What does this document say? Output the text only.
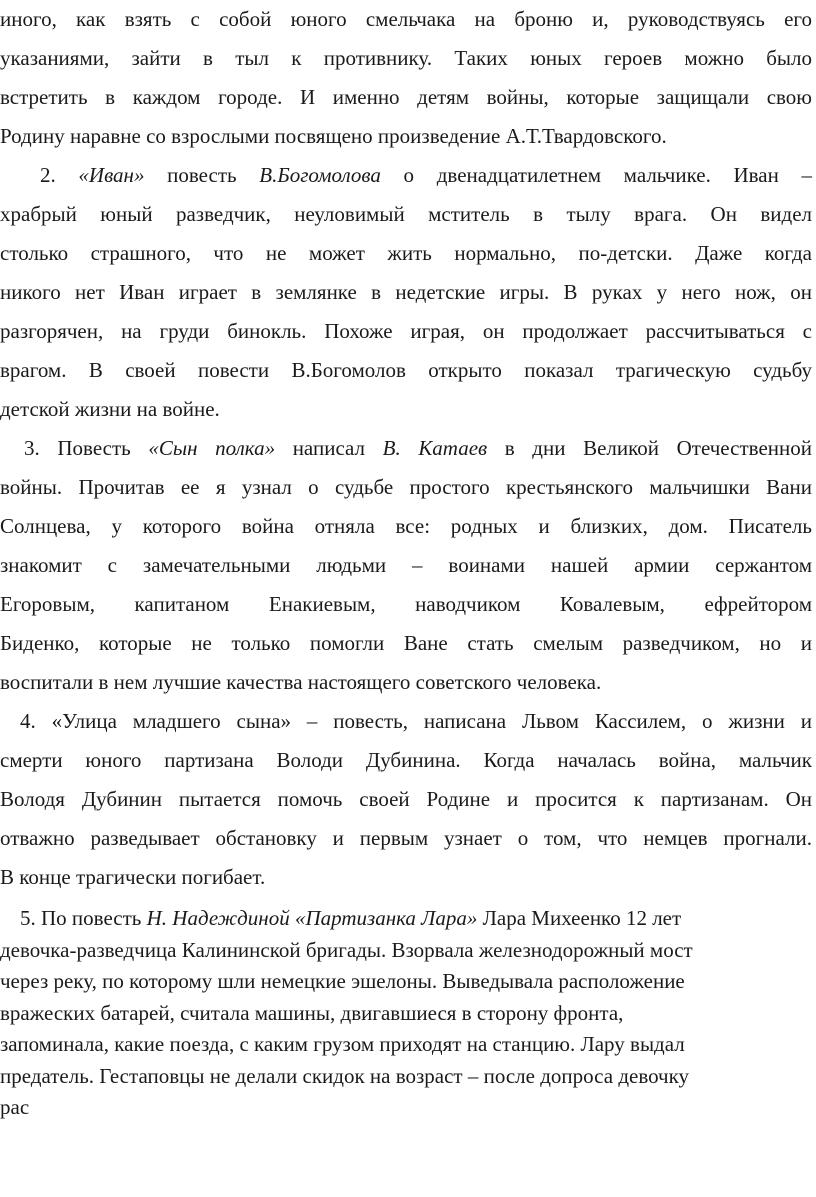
иного, как взять с собой юного смельчака на броню и, руководствуясь его
указаниями, зайти в тыл к противнику. Таких юных героев можно было
встретить в каждом городе. И именно детям войны, которые защищали свою
Родину наравне со взрослыми посвящено произведение А.Т.Твардовского.
2. «Иван» повесть В.Богомолова о двенадцатилетнем мальчике. Иван –
храбрый юный разведчик, неуловимый мститель в тылу врага. Он видел
столько страшного, что не может жить нормально, по-детски. Даже когда
никого нет Иван играет в землянке в недетские игры. В руках у него нож, он
разгорячен, на груди бинокль. Похоже играя, он продолжает рассчитываться с
врагом. В своей повести В.Богомолов открыто показал трагическую судьбу
детской жизни на войне.
3. Повесть «Сын полка» написал В. Катаев в дни Великой Отечественной
войны. Прочитав ее я узнал о судьбе простого крестьянского мальчишки Вани
Солнцева, у которого война отняла все: родных и близких, дом. Писатель
знакомит с замечательными людьми – воинами нашей армии сержантом
Егоровым, капитаном Енакиевым, наводчиком Ковалевым, ефрейтором
Биденко, которые не только помогли Ване стать смелым разведчиком, но и
воспитали в нем лучшие качества настоящего советского человека.
4. «Улица младшего сына» – повесть, написана Львом Кассилем, о жизни и
смерти юного партизана Володи Дубинина. Когда началась война, мальчик
Володя Дубинин пытается помочь своей Родине и просится к партизанам. Он
отважно разведывает обстановку и первым узнает о том, что немцев прогнали.
В конце трагически погибает.
5. По повесть Н. Надеждиной «Партизанка Лара» Лара Михеенко 12 лет
девочка-разведчица Калининской бригады. Взорвала железнодорожный мост
через реку, по которому шли немецкие эшелоны. Выведывала расположение
вражеских батарей, считала машины, двигавшиеся в сторону фронта,
запоминала, какие поезда, с каким грузом приходят на станцию. Лару выдал
предатель. Гестаповцы не делали скидок на возраст – после допроса девочку
рас
